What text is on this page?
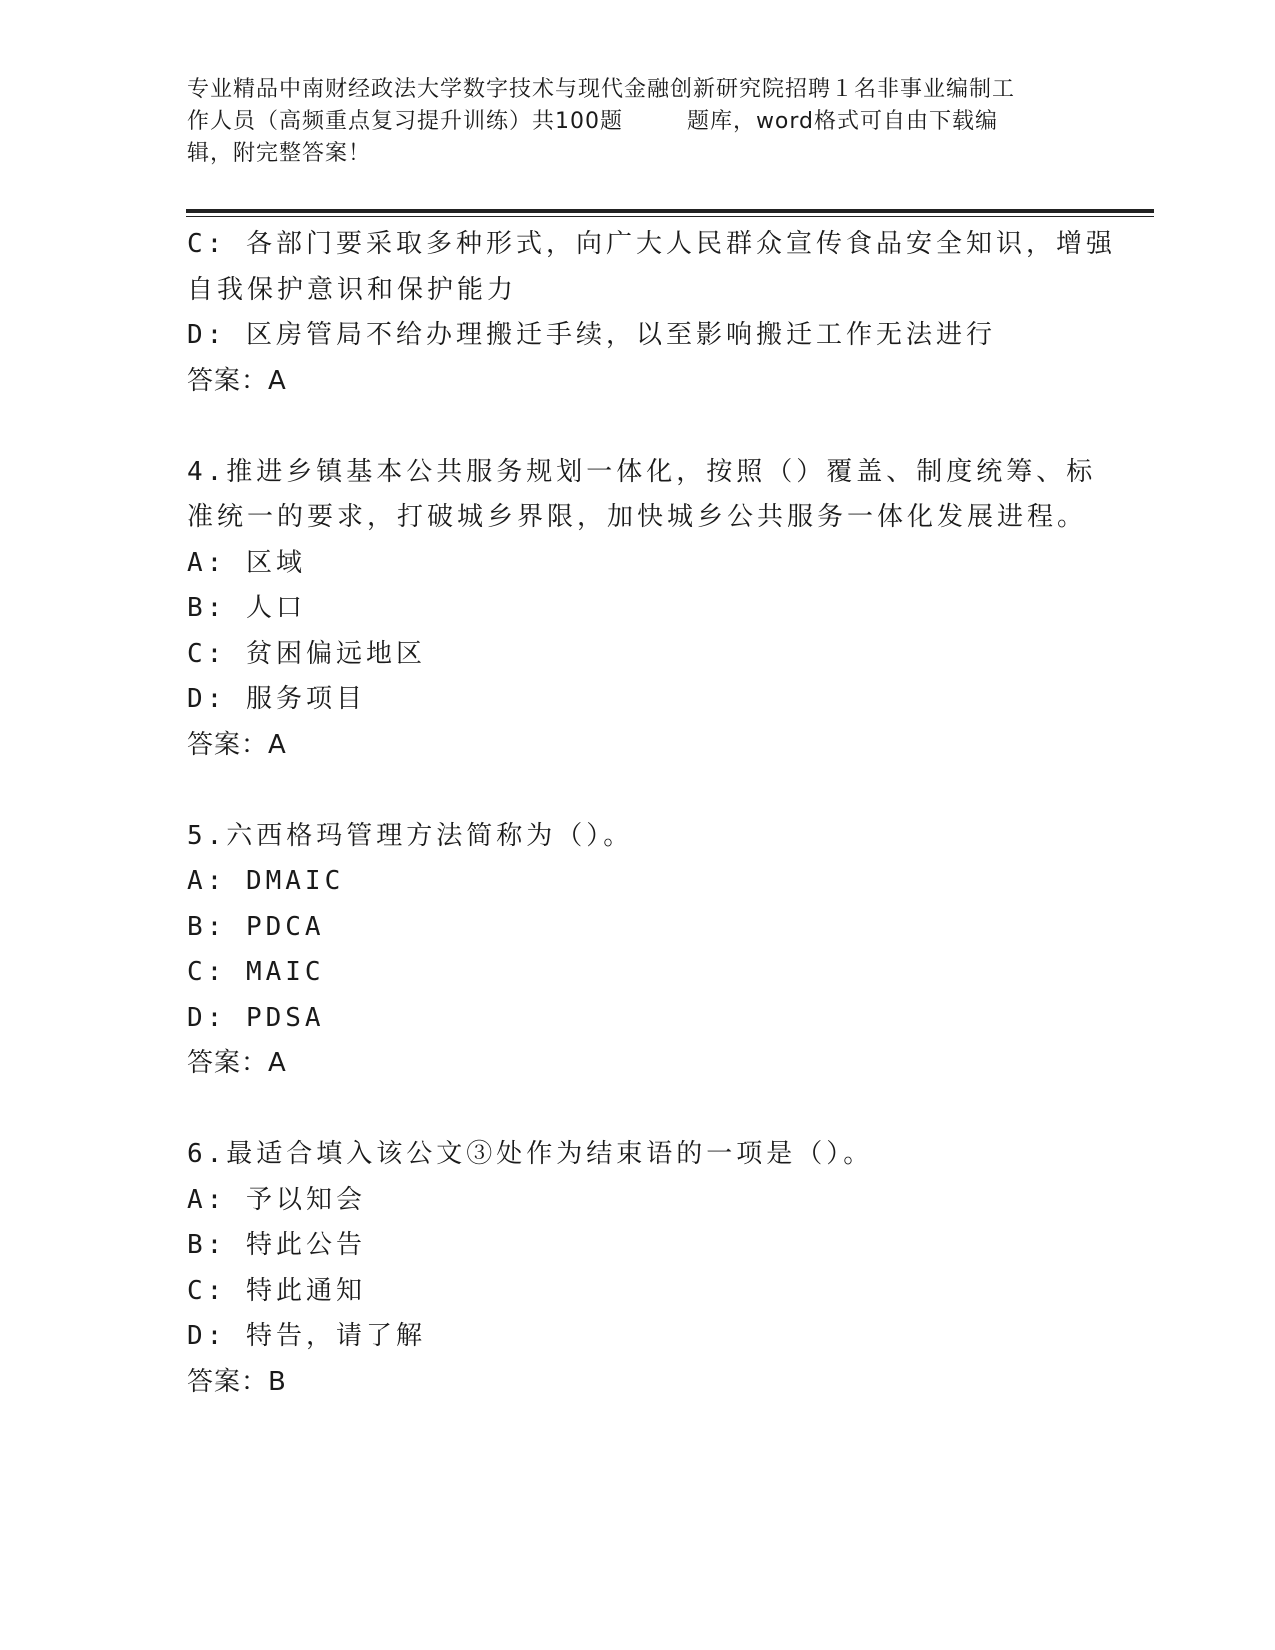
专业精品中南财经政法大学数字技术与现代金融创新研究院招聘１名非事业编制工
作人员（高频重点复习提升训练）共100题        题库，word格式可自由下载编
辑，附完整答案！
C: 各部门要采取多种形式，向广大人民群众宣传食品安全知识，增强
自我保护意识和保护能力
D: 区房管局不给办理搬迁手续，以至影响搬迁工作无法进行
答案：A
4.推进乡镇基本公共服务规划一体化，按照（）覆盖、制度统筹、标
准统一的要求，打破城乡界限，加快城乡公共服务一体化发展进程。
A: 区域
B: 人口
C: 贫困偏远地区
D: 服务项目
答案：A
5.六西格玛管理方法简称为（）。
A: DMAIC
B: PDCA
C: MAIC
D: PDSA
答案：A
6.最适合填入该公文③处作为结束语的一项是（）。
A: 予以知会
B: 特此公告
C: 特此通知
D: 特告，请了解
答案：B
